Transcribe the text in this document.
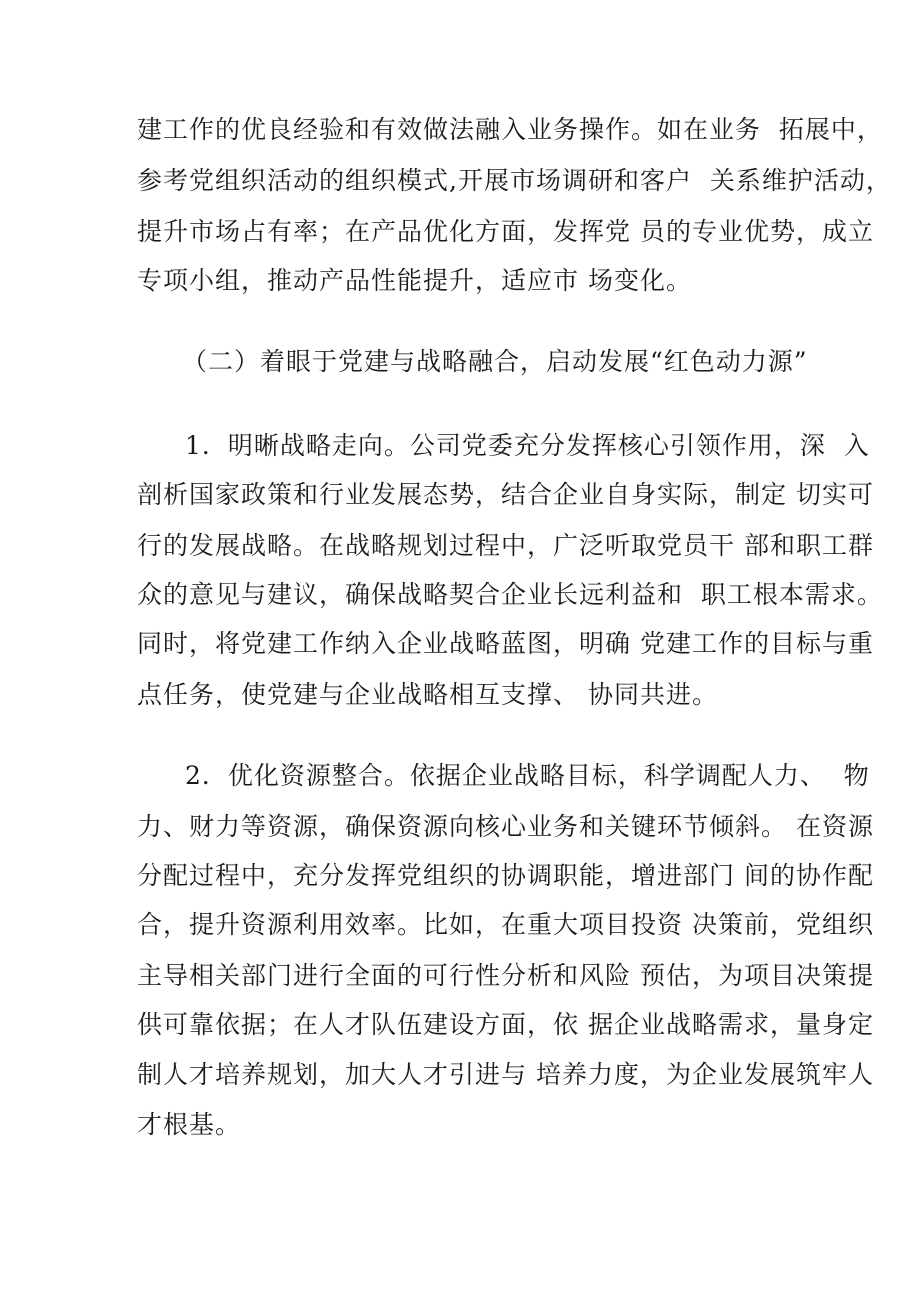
建工作的优良经验和有效做法融入业务操作。如在业务  拓展中，
参考党组织活动的组织模式,开展市场调研和客户  关系维护活动，
提升市场占有率；在产品优化方面，发挥党 员的专业优势，成立
专项小组，推动产品性能提升，适应市 场变化。
（二）着眼于党建与战略融合，启动发展“红色动力源”
1．明晰战略走向。公司党委充分发挥核心引领作用，深  入
剖析国家政策和行业发展态势，结合企业自身实际，制定 切实可
行的发展战略。在战略规划过程中，广泛听取党员干 部和职工群
众的意见与建议，确保战略契合企业长远利益和  职工根本需求。
同时，将党建工作纳入企业战略蓝图，明确 党建工作的目标与重
点任务，使党建与企业战略相互支撑、 协同共进。
2．优化资源整合。依据企业战略目标，科学调配人力、  物
力、财力等资源，确保资源向核心业务和关键环节倾斜。 在资源
分配过程中，充分发挥党组织的协调职能，增进部门 间的协作配
合，提升资源利用效率。比如，在重大项目投资 决策前，党组织
主导相关部门进行全面的可行性分析和风险 预估，为项目决策提
供可靠依据；在人才队伍建设方面，依 据企业战略需求，量身定
制人才培养规划，加大人才引进与 培养力度，为企业发展筑牢人
才根基。
